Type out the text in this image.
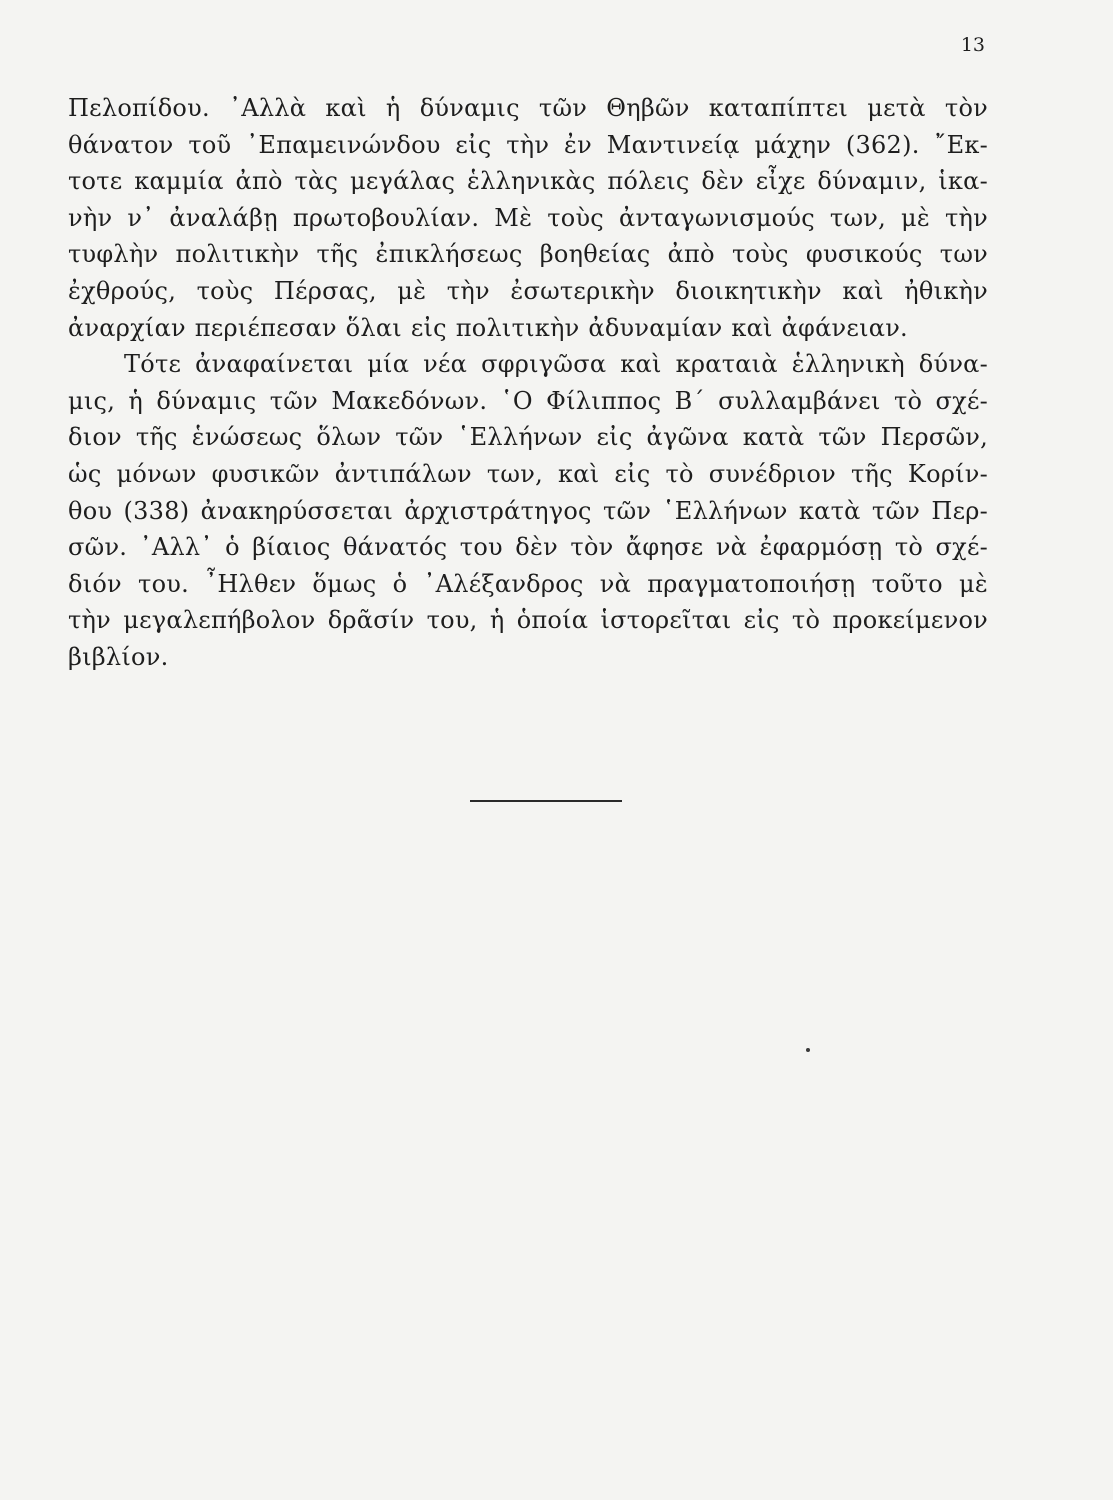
13
Πελοπίδου. ᾿Αλλὰ καὶ ἡ δύναμις τῶν Θηβῶν καταπίπτει μετὰ τὸν
θάνατον τοῦ ᾿Επαμεινώνδου εἰς τὴν ἐν Μαντινείᾳ μάχην (362). ῎Εκ-
τοτε καμμία ἀπὸ τὰς μεγάλας ἑλληνικὰς πόλεις δὲν εἶχε δύναμιν, ἱκα-
νὴν ν᾿ ἀναλάβῃ πρωτοβουλίαν. Μὲ τοὺς ἀνταγωνισμούς των, μὲ τὴν
τυφλὴν πολιτικὴν τῆς ἐπικλήσεως βοηθείας ἀπὸ τοὺς φυσικούς των
ἐχθρούς, τοὺς Πέρσας, μὲ τὴν ἐσωτερικὴν διοικητικὴν καὶ ἠθικὴν
ἀναρχίαν περιέπεσαν ὅλαι εἰς πολιτικὴν ἀδυναμίαν καὶ ἀφάνειαν.
Τότε ἀναφαίνεται μία νέα σφριγῶσα καὶ κραταιὰ ἑλληνικὴ δύνα-
μις, ἡ δύναμις τῶν Μακεδόνων. ῾Ο Φίλιππος Β΄ συλλαμβάνει τὸ σχέ-
διον τῆς ἑνώσεως ὅλων τῶν ῾Ελλήνων εἰς ἀγῶνα κατὰ τῶν Περσῶν,
ὡς μόνων φυσικῶν ἀντιπάλων των, καὶ εἰς τὸ συνέδριον τῆς Κορίν-
θου (338) ἀνακηρύσσεται ἀρχιστράτηγος τῶν ῾Ελλήνων κατὰ τῶν Περ-
σῶν. ᾿Αλλ᾿ ὁ βίαιος θάνατός του δὲν τὸν ἄφησε νὰ ἐφαρμόσῃ τὸ σχέ-
διόν του. ῏Ηλθεν ὅμως ὁ ᾿Αλέξανδρος νὰ πραγματοποιήσῃ τοῦτο μὲ
τὴν μεγαλεπήβολον δρᾶσίν του, ἡ ὁποία ἱστορεῖται εἰς τὸ προκείμενον
βιβλίον.
